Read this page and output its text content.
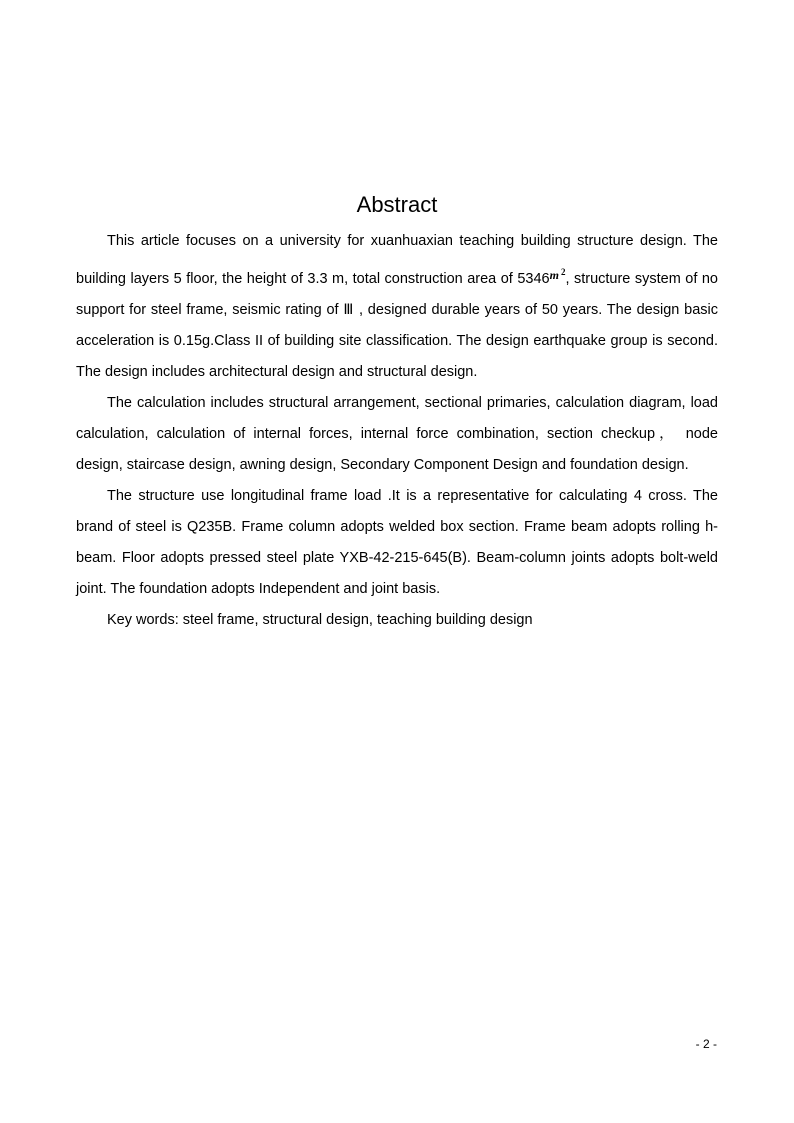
Abstract

This article focuses on a university for xuanhuaxian teaching building structure design. The building layers 5 floor, the height of 3.3 m, total construction area of $5346^{m ^2}$, structure system of no support for steel frame, seismic rating of Ⅲ , designed durable years of 50 years. The design basic acceleration is 0.15g.Class II of building site classification. The design earthquake group is second. The design includes architectural design and structural design.

The calculation includes structural arrangement, sectional primaries, calculation diagram, load calculation, calculation of internal forces, internal force combination, section checkup， node design, staircase design, awning design, Secondary Component Design and foundation design.

The structure use longitudinal frame load .It is a representative for calculating 4 cross. The brand of steel is Q235B. Frame column adopts welded box section. Frame beam adopts rolling h-beam. Floor adopts pressed steel plate YXB-42-215-645(B). Beam-column joints adopts bolt-weld joint. The foundation adopts Independent and joint basis.

Key words: steel frame, structural design, teaching building design

- 2 -
